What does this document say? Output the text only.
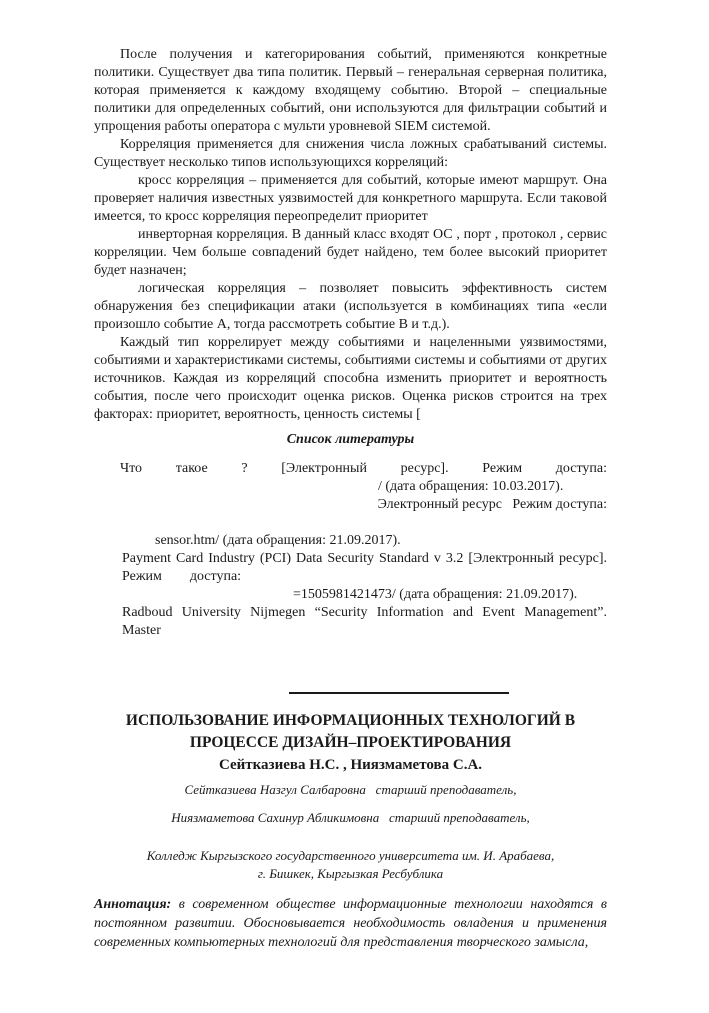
После получения и категорирования событий, применяются конкретные политики. Существует два типа политик. Первый – генеральная серверная политика, которая применяется к каждому входящему событию. Второй – специальные политики для определенных событий, они используются для фильтрации событий и упрощения работы оператора с мульти уровневой SIEM системой.

Корреляция применяется для снижения числа ложных срабатываний системы. Существует несколько типов использующихся корреляций:

кросс корреляция – применяется для событий, которые имеют маршрут. Она проверяет наличия известных уязвимостей для конкретного маршрута. Если таковой имеется, то кросс корреляция переопределит приоритет

инверторная корреляция. В данный класс входят ОС , порт , протокол , сервис корреляции. Чем больше совпадений будет найдено, тем более высокий приоритет будет назначен;

логическая корреляция – позволяет повысить эффективность систем обнаружения без спецификации атаки (используется в комбинациях типа «если произошло событие А, тогда рассмотреть событие В и т.д.).

Каждый тип коррелирует между событиями и нацеленными уязвимостями, событиями и характеристиками системы, событиями системы и событиями от других источников. Каждая из корреляций способна изменить приоритет и вероятность события, после чего происходит оценка рисков. Оценка рисков строится на трех факторах: приоритет, вероятность, ценность системы [

Список литературы
Что такое ? [Электронный ресурс]. Режим доступа:
/ (дата обращения: 10.03.2017).
Электронный ресурс   Режим доступа:
sensor.htm/ (дата обращения: 21.09.2017).
Payment Card Industry (PCI) Data Security Standard v 3.2 [Электронный ресурс].
Режим        доступа:
=1505981421473/ (дата обращения: 21.09.2017).
Radboud University Nijmegen “Security Information and Event Management”. Master
ИСПОЛЬЗОВАНИЕ ИНФОРМАЦИОННЫХ ТЕХНОЛОГИЙ В
ПРОЦЕССЕ ДИЗАЙН–ПРОЕКТИРОВАНИЯ
Сейтказиева Н.С. , Ниязмаметова С.А.
Сейтказиева Назгул Салбаровна   старший преподаватель,
Ниязмаметова Сахинур Абликимовна   старший преподаватель,
Колледж Кыргызского государственного университета им. И. Арабаева,
г. Бишкек, Кыргызкая Ресбублика

Аннотация: в современном обществе информационные технологии находятся в постоянном развитии. Обосновывается необходимость овладения и применения современных компьютерных технологий для представления творческого замысла,
